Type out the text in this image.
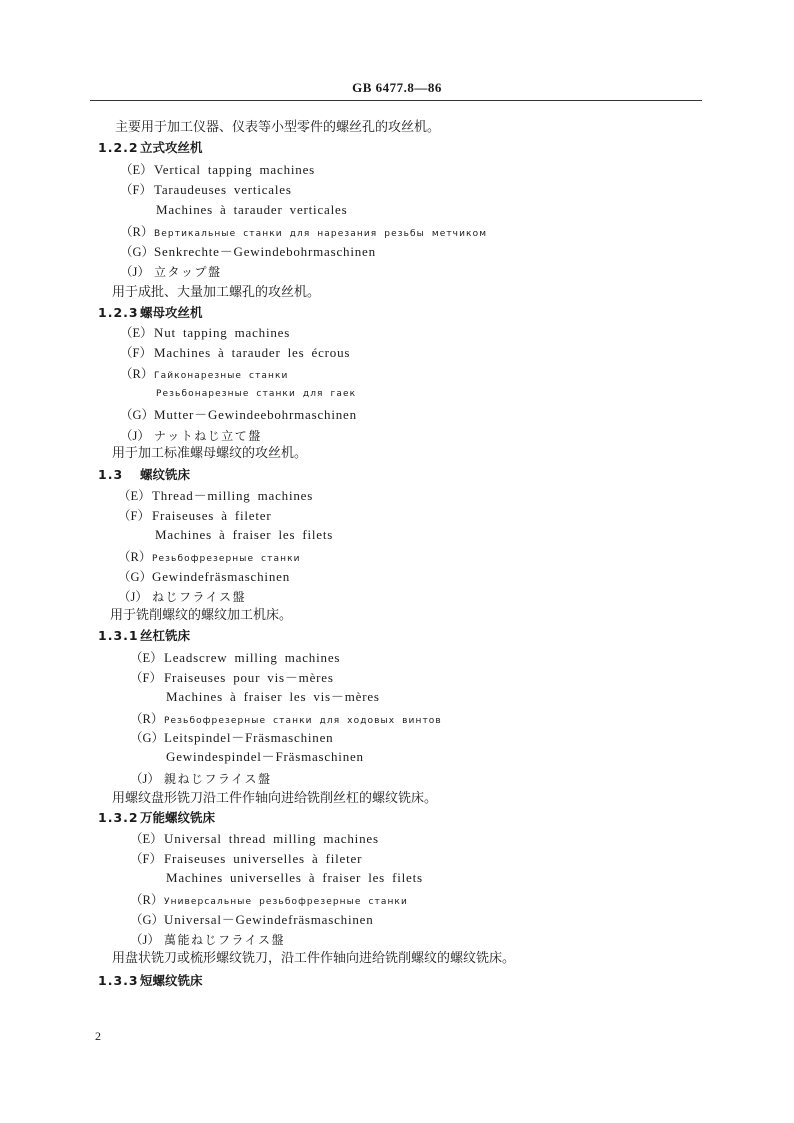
GB 6477.8—86
主要用于加工仪器、仪表等小型零件的螺丝孔的攻丝机。
1.2.2立式攻丝机
（E）Vertical tapping machines
（F） Taraudeuses verticales
Machines à tarauder verticales
（R）Вертикальные станки для нарезания резьбы метчиком
（G）Senkrechte－Gewindebohrmaschinen
（J） 立タップ盤
用于成批、大量加工螺孔的攻丝机。
1.2.3螺母攻丝机
（E）Nut tapping machines
（F） Machines à tarauder les écrous
（R）Гайконарезные станки
Резьбонарезные станки для гаек
（G）Mutter－Gewindeebohrmaschinen
（J） ナットねじ立て盤
用于加工标准螺母螺纹的攻丝机。
1.3 螺纹铣床
（E）Thread－milling machines
（F） Fraiseuses à fileter
Machines à fraiser les filets
（R）Резьбофрезерные станки
（G）Gewindefräsmaschinen
（J） ねじフライス盤
用于铣削螺纹的螺纹加工机床。
1.3.1丝杠铣床
（E）Leadscrew milling machines
（F） Fraiseuses pour vis－mères
Machines à fraiser les vis－mères
（R）Резьбофрезерные станки для ходовых винтов
（G）Leitspindel－Fräsmaschinen
Gewindespindel－Fräsmaschinen
（J） 親ねじフライス盤
用螺纹盘形铣刀沿工件作轴向进给铣削丝杠的螺纹铣床。
1.3.2万能螺纹铣床
（E）Universal thread milling machines
（F） Fraiseuses universelles à fileter
Machines universelles à fraiser les filets
（R）Универсальные резьбофрезерные станки
（G）Universal－Gewindefräsmaschinen
（J） 萬能ねじフライス盤
用盘状铣刀或梳形螺纹铣刀，沿工件作轴向进给铣削螺纹的螺纹铣床。
1.3.3短螺纹铣床
2
